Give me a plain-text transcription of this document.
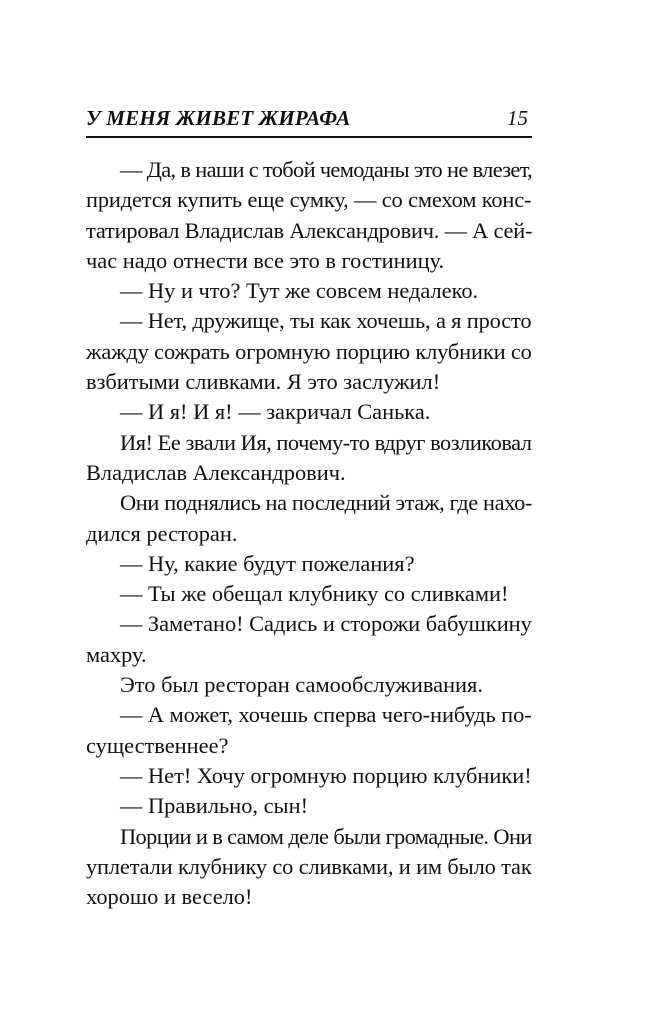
У МЕНЯ ЖИВЕТ ЖИРАФА	15
— Да, в наши с тобой чемоданы это не влезет,
придется купить еще сумку, — со смехом конс-
татировал Владислав Александрович. — А сей-
час надо отнести все это в гостиницу.
— Ну и что? Тут же совсем недалеко.
— Нет, дружище, ты как хочешь, а я просто
жажду сожрать огромную порцию клубники со
взбитыми сливками. Я это заслужил!
— И я! И я! — закричал Санька.
Ия! Ее звали Ия, почему-то вдруг возликовал
Владислав Александрович.
Они поднялись на последний этаж, где нахо-
дился ресторан.
— Ну, какие будут пожелания?
— Ты же обещал клубнику со сливками!
— Заметано! Садись и сторожи бабушкину
махру.
Это был ресторан самообслуживания.
— А может, хочешь сперва чего-нибудь по-
существеннее?
— Нет! Хочу огромную порцию клубники!
— Правильно, сын!
Порции и в самом деле были громадные. Они
уплетали клубнику со сливками, и им было так
хорошо и весело!
